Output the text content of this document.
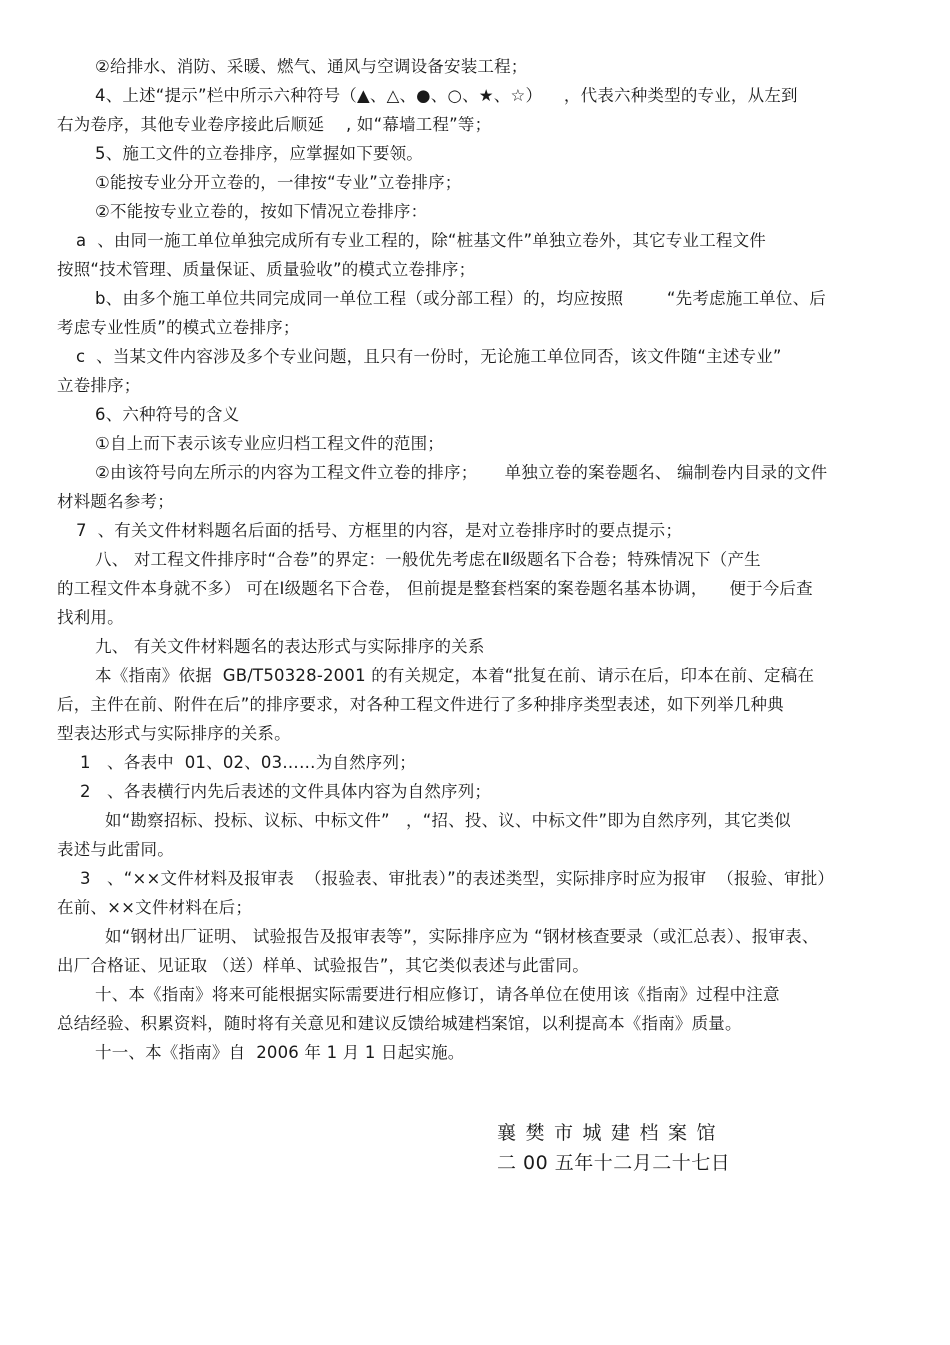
②给排水、消防、采暖、燃气、通风与空调设备安装工程；
4、上述“提示”栏中所示六种符号（▲、△、●、○、★、☆）    ，代表六种类型的专业，从左到
右为卷序，其他专业卷序接此后顺延    , 如“幕墙工程”等；
5、施工文件的立卷排序，应掌握如下要领。
①能按专业分开立卷的，一律按“专业”立卷排序；
②不能按专业立卷的，按如下情况立卷排序：
a  、由同一施工单位单独完成所有专业工程的，除“桩基文件”单独立卷外，其它专业工程文件
按照“技术管理、质量保证、质量验收”的模式立卷排序；
b、由多个施工单位共同完成同一单位工程（或分部工程）的，均应按照        “先考虑施工单位、后
考虑专业性质”的模式立卷排序；
c  、当某文件内容涉及多个专业问题，且只有一份时，无论施工单位同否，该文件随“主述专业”
立卷排序；
6、六种符号的含义
①自上而下表示该专业应归档工程文件的范围；
②由该符号向左所示的内容为工程文件立卷的排序；     单独立卷的案卷题名、 编制卷内目录的文件
材料题名参考；
7  、有关文件材料题名后面的括号、方框里的内容，是对立卷排序时的要点提示；
八、 对工程文件排序时“合卷”的界定：一般优先考虑在Ⅱ级题名下合卷；特殊情况下（产生
的工程文件本身就不多） 可在Ⅰ级题名下合卷， 但前提是整套档案的案卷题名基本协调，    便于今后查
找利用。
九、 有关文件材料题名的表达形式与实际排序的关系
本《指南》依据  GB/T50328-2001 的有关规定，本着“批复在前、请示在后，印本在前、定稿在
后，主件在前、附件在后”的排序要求，对各种工程文件进行了多种排序类型表述，如下列举几种典
型表达形式与实际排序的关系。
1   、各表中  01、02、03……为自然序列；
2   、各表横行内先后表述的文件具体内容为自然序列；
如“勘察招标、投标、议标、中标文件”   ，“招、投、议、中标文件”即为自然序列，其它类似
表述与此雷同。
3   、“××文件材料及报审表  （报验表、审批表）”的表述类型，实际排序时应为报审  （报验、审批）
在前、××文件材料在后；
如“钢材出厂证明、 试验报告及报审表等”，实际排序应为 “钢材核查要录（或汇总表）、报审表、
出厂合格证、见证取 （送）样单、试验报告”，其它类似表述与此雷同。
十、本《指南》将来可能根据实际需要进行相应修订，请各单位在使用该《指南》过程中注意
总结经验、积累资料，随时将有关意见和建议反馈给城建档案馆，以利提高本《指南》质量。
十一、本《指南》自  2006 年 1 月 1 日起实施。
襄樊市城建档案馆
二 00 五年十二月二十七日
